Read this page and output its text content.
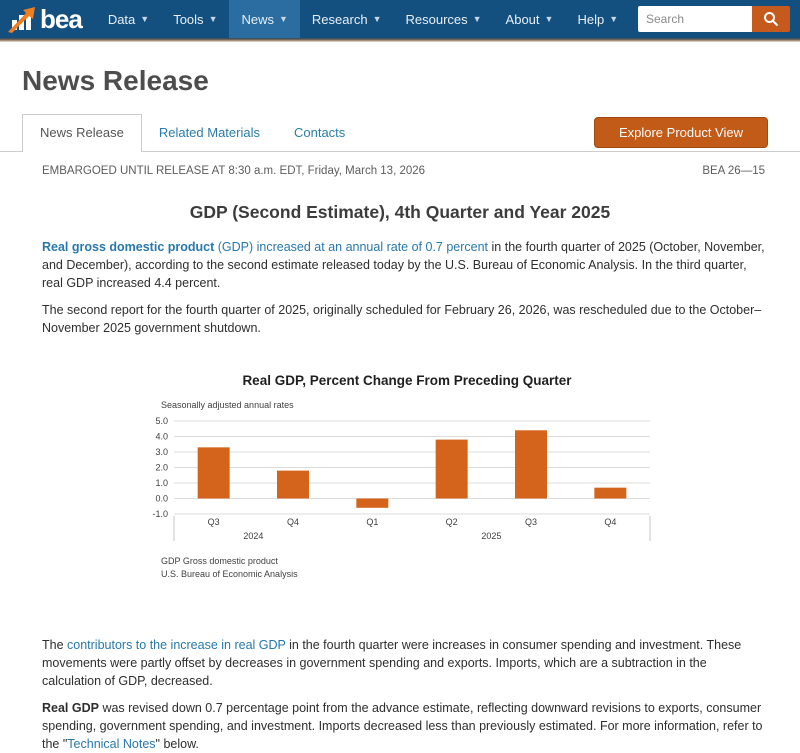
bea Data ▼ Tools ▼ News ▼ Research ▼ Resources ▼ About ▼ Help ▼
Search
News Release
News Release	Related Materials	Contacts	Explore Product View
EMBARGOED UNTIL RELEASE AT 8:30 a.m. EDT, Friday, March 13, 2026	BEA 26—15
GDP (Second Estimate), 4th Quarter and Year 2025

Real gross domestic product (GDP) increased at an annual rate of 0.7 percent in the fourth quarter of 2025 (October, November, and December), according to the second estimate released today by the U.S. Bureau of Economic Analysis. In the third quarter, real GDP increased 4.4 percent.

The second report for the fourth quarter of 2025, originally scheduled for February 26, 2026, was rescheduled due to the October–November 2025 government shutdown.

Real GDP, Percent Change From Preceding Quarter
Seasonally adjusted annual rates
5.0
4.0
3.0
2.0
1.0
0.0
-1.0
Q3	Q4	Q1	Q2	Q3	Q4
2024	2025
GDP Gross domestic product
U.S. Bureau of Economic Analysis

The contributors to the increase in real GDP in the fourth quarter were increases in consumer spending and investment. These movements were partly offset by decreases in government spending and exports. Imports, which are a subtraction in the calculation of GDP, decreased.

Real GDP was revised down 0.7 percentage point from the advance estimate, reflecting downward revisions to exports, consumer spending, government spending, and investment. Imports decreased less than previously estimated. For more information, refer to the "Technical Notes" below.
